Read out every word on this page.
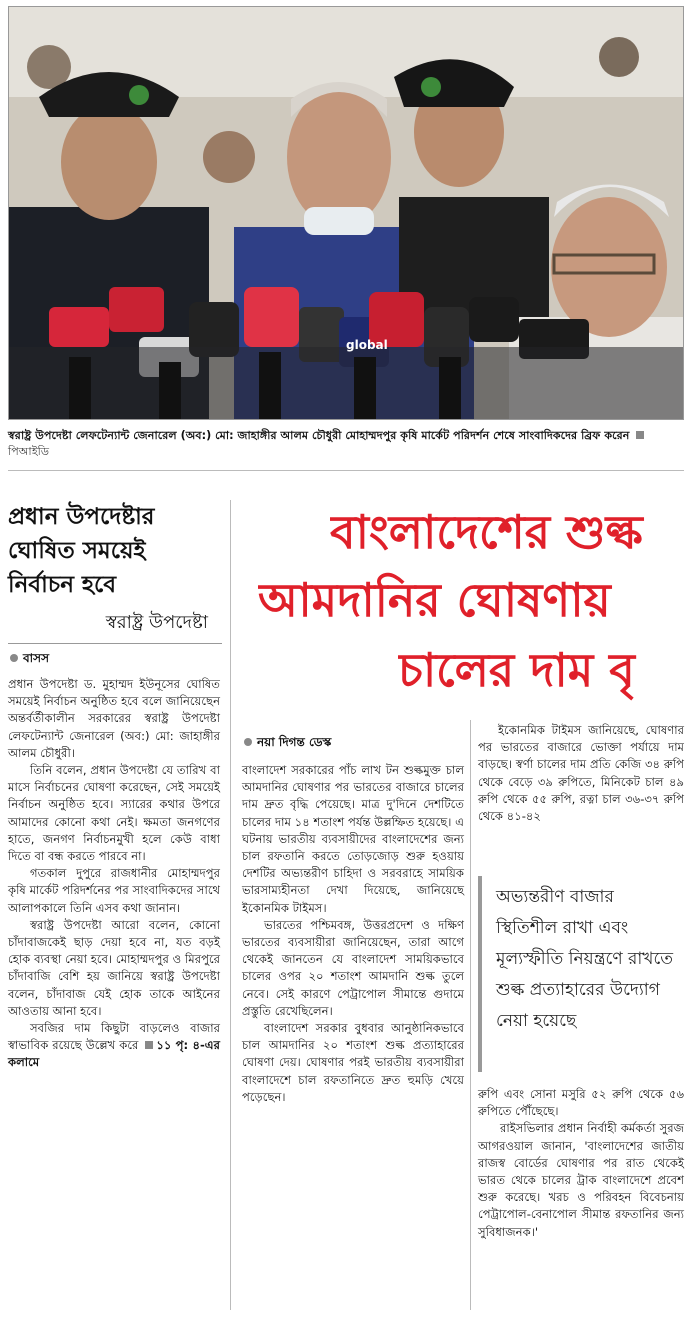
global
স্বরাষ্ট্র উপদেষ্টা লেফটেন্যান্ট জেনারেল (অব:) মো: জাহাঙ্গীর আলম চৌধুরী মোহাম্মদপুর কৃষি মার্কেট পরিদর্শন শেষে সাংবাদিকদের ব্রিফ করেন পিআইডি
প্রধান উপদেষ্টার
ঘোষিত সময়েই
নির্বাচন হবে
স্বরাষ্ট্র উপদেষ্টা
বাসস

প্রধান উপদেষ্টা ড. মুহাম্মদ ইউনূসের ঘোষিত সময়েই নির্বাচন অনুষ্ঠিত হবে বলে জানিয়েছেন অন্তর্বর্তীকালীন সরকারের স্বরাষ্ট্র উপদেষ্টা লেফটেন্যান্ট জেনারেল (অব:) মো: জাহাঙ্গীর আলম চৌধুরী।

তিনি বলেন, প্রধান উপদেষ্টা যে তারিখ বা মাসে নির্বাচনের ঘোষণা করেছেন, সেই সময়েই নির্বাচন অনুষ্ঠিত হবে। স্যারের কথার উপরে আমাদের কোনো কথা নেই। ক্ষমতা জনগণের হাতে, জনগণ নির্বাচনমুখী হলে কেউ বাধা দিতে বা বন্ধ করতে পারবে না।

গতকাল দুপুরে রাজধানীর মোহাম্মদপুর কৃষি মার্কেট পরিদর্শনের পর সাংবাদিকদের সাথে আলাপকালে তিনি এসব কথা জানান।

স্বরাষ্ট্র উপদেষ্টা আরো বলেন, কোনো চাঁদাবাজকেই ছাড় দেয়া হবে না, যত বড়ই হোক ব্যবস্থা নেয়া হবে। মোহাম্মদপুর ও মিরপুরে চাঁদাবাজি বেশি হয় জানিয়ে স্বরাষ্ট্র উপদেষ্টা বলেন, চাঁদাবাজ যেই হোক তাকে আইনের আওতায় আনা হবে।

সবজির দাম কিছুটা বাড়লেও বাজার স্বাভাবিক রয়েছে উল্লেখ করে ১১ পৃ: ৪-এর কলামে

বাংলাদেশের শুল্ক
আমদানির ঘোষণায়
চালের দাম বৃ
নয়া দিগন্ত ডেস্ক

বাংলাদেশ সরকারের পাঁচ লাখ টন শুল্কমুক্ত চাল আমদানির ঘোষণার পর ভারতের বাজারে চালের দাম দ্রুত বৃদ্ধি পেয়েছে। মাত্র দু'দিনে দেশটিতে চালের দাম ১৪ শতাংশ পর্যন্ত উল্লম্ফিত হয়েছে। এ ঘটনায় ভারতীয় ব্যবসায়ীদের বাংলাদেশের জন্য চাল রফতানি করতে তোড়জোড় শুরু হওয়ায় দেশটির অভ্যন্তরীণ চাহিদা ও সরবরাহে সাময়িক ভারসাম্যহীনতা দেখা দিয়েছে, জানিয়েছে ইকোনমিক টাইমস।

ভারতের পশ্চিমবঙ্গ, উত্তরপ্রদেশ ও দক্ষিণ ভারতের ব্যবসায়ীরা জানিয়েছেন, তারা আগে থেকেই জানতেন যে বাংলাদেশ সাময়িকভাবে চালের ওপর ২০ শতাংশ আমদানি শুল্ক তুলে নেবে। সেই কারণে পেট্রাপোল সীমান্তে গুদামে প্রস্তুতি রেখেছিলেন।

বাংলাদেশ সরকার বুধবার আনুষ্ঠানিকভাবে চাল আমদানির ২০ শতাংশ শুল্ক প্রত্যাহারের ঘোষণা দেয়। ঘোষণার পরই ভারতীয় ব্যবসায়ীরা বাংলাদেশে চাল রফতানিতে দ্রুত হুমড়ি খেয়ে পড়েছেন।

ইকোনমিক টাইমস জানিয়েছে, ঘোষণার পর ভারতের বাজারে ভোক্তা পর্যায়ে দাম বাড়ছে। স্বর্ণা চালের দাম প্রতি কেজি ৩৪ রুপি থেকে বেড়ে ৩৯ রুপিতে, মিনিকেট চাল ৪৯ রুপি থেকে ৫৫ রুপি, রত্না চাল ৩৬-৩৭ রুপি থেকে ৪১-৪২
অভ্যন্তরীণ বাজার স্থিতিশীল রাখা এবং মূল্যস্ফীতি নিয়ন্ত্রণে রাখতে শুল্ক প্রত্যাহারের উদ্যোগ নেয়া হয়েছে

রুপি এবং সোনা মসুরি ৫২ রুপি থেকে ৫৬ রুপিতে পৌঁছেছে।

রাইসভিলার প্রধান নির্বাহী কর্মকর্তা সুরজ আগরওয়াল জানান, 'বাংলাদেশের জাতীয় রাজস্ব বোর্ডের ঘোষণার পর রাত থেকেই ভারত থেকে চালের ট্রাক বাংলাদেশে প্রবেশ শুরু করেছে। খরচ ও পরিবহন বিবেচনায় পেট্রাপোল-বেনাপোল সীমান্ত রফতানির জন্য সুবিধাজনক।'
